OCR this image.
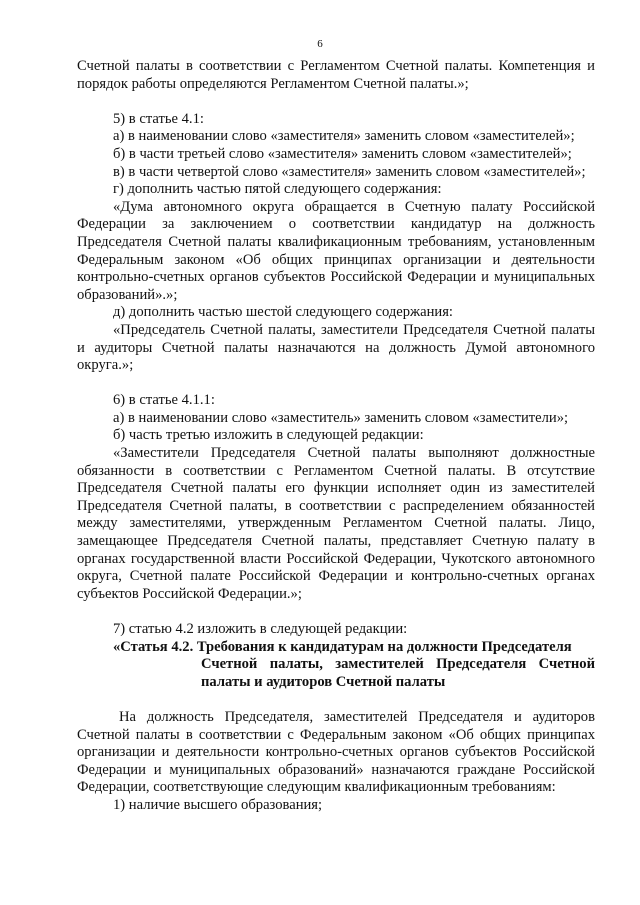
6

Счетной палаты в соответствии с Регламентом Счетной палаты. Компетенция и порядок работы определяются Регламентом Счетной палаты.»;

5) в статье 4.1:

а) в наименовании слово «заместителя» заменить словом «заместителей»;

б) в части третьей слово «заместителя» заменить словом «заместителей»;

в) в части четвертой слово «заместителя» заменить словом «заместителей»;

г) дополнить частью пятой следующего содержания:

«Дума автономного округа обращается в Счетную палату Российской Федерации за заключением о соответствии кандидатур на должность Председателя Счетной палаты квалификационным требованиям, установленным Федеральным законом «Об общих принципах организации и деятельности контрольно-счетных органов субъектов Российской Федерации и муниципальных образований».»;

д) дополнить частью шестой следующего содержания:

«Председатель Счетной палаты, заместители Председателя Счетной палаты и аудиторы Счетной палаты назначаются на должность Думой автономного округа.»;

6) в статье 4.1.1:

а) в наименовании слово «заместитель» заменить словом «заместители»;

б) часть третью изложить в следующей редакции:

«Заместители Председателя Счетной палаты выполняют должностные обязанности в соответствии с Регламентом Счетной палаты. В отсутствие Председателя Счетной палаты его функции исполняет один из заместителей Председателя Счетной палаты, в соответствии с распределением обязанностей между заместителями, утвержденным Регламентом Счетной палаты. Лицо, замещающее Председателя Счетной палаты, представляет Счетную палату в органах государственной власти Российской Федерации, Чукотского автономного округа, Счетной палате Российской Федерации и контрольно-счетных органах субъектов Российской Федерации.»;

7) статью 4.2 изложить в следующей редакции:

«Статья 4.2. Требования к кандидатурам на должности Председателя

Счетной палаты, заместителей Председателя Счетной палаты и аудиторов Счетной палаты

На должность Председателя, заместителей Председателя и аудиторов Счетной палаты в соответствии с Федеральным законом «Об общих принципах организации и деятельности контрольно-счетных органов субъектов Российской Федерации и муниципальных образований» назначаются граждане Российской Федерации, соответствующие следующим квалификационным требованиям:

1) наличие высшего образования;
